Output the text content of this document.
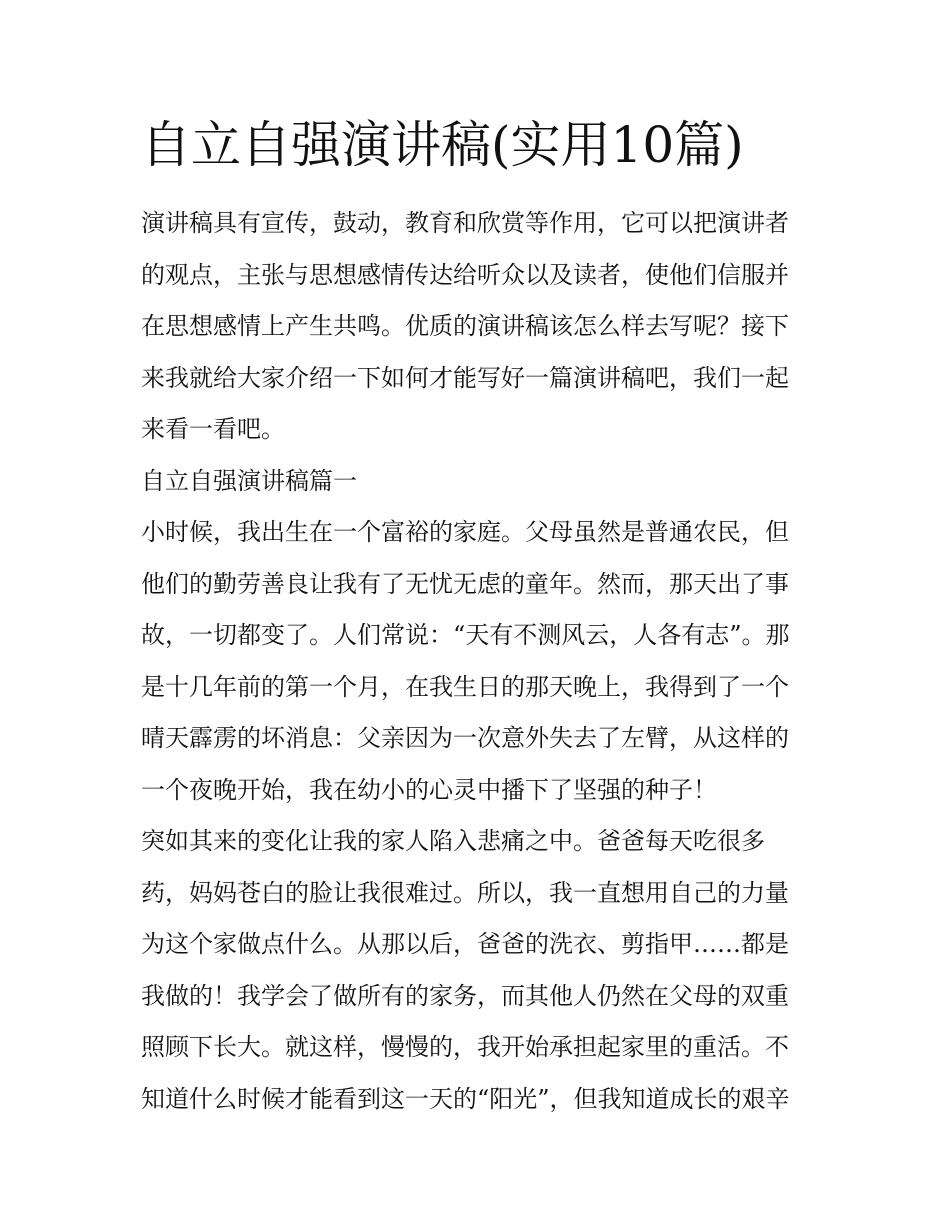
自立自强演讲稿(实用10篇)
演讲稿具有宣传，鼓动，教育和欣赏等作用，它可以把演讲者
的观点，主张与思想感情传达给听众以及读者，使他们信服并
在思想感情上产生共鸣。优质的演讲稿该怎么样去写呢？接下
来我就给大家介绍一下如何才能写好一篇演讲稿吧，我们一起
来看一看吧。
自立自强演讲稿篇一
小时候，我出生在一个富裕的家庭。父母虽然是普通农民，但
他们的勤劳善良让我有了无忧无虑的童年。然而，那天出了事
故，一切都变了。人们常说：“天有不测风云，人各有志”。那
是十几年前的第一个月，在我生日的那天晚上，我得到了一个
晴天霹雳的坏消息：父亲因为一次意外失去了左臂，从这样的
一个夜晚开始，我在幼小的心灵中播下了坚强的种子！
突如其来的变化让我的家人陷入悲痛之中。爸爸每天吃很多
药，妈妈苍白的脸让我很难过。所以，我一直想用自己的力量
为这个家做点什么。从那以后，爸爸的洗衣、剪指甲……都是
我做的！我学会了做所有的家务，而其他人仍然在父母的双重
照顾下长大。就这样，慢慢的，我开始承担起家里的重活。不
知道什么时候才能看到这一天的“阳光”，但我知道成长的艰辛
